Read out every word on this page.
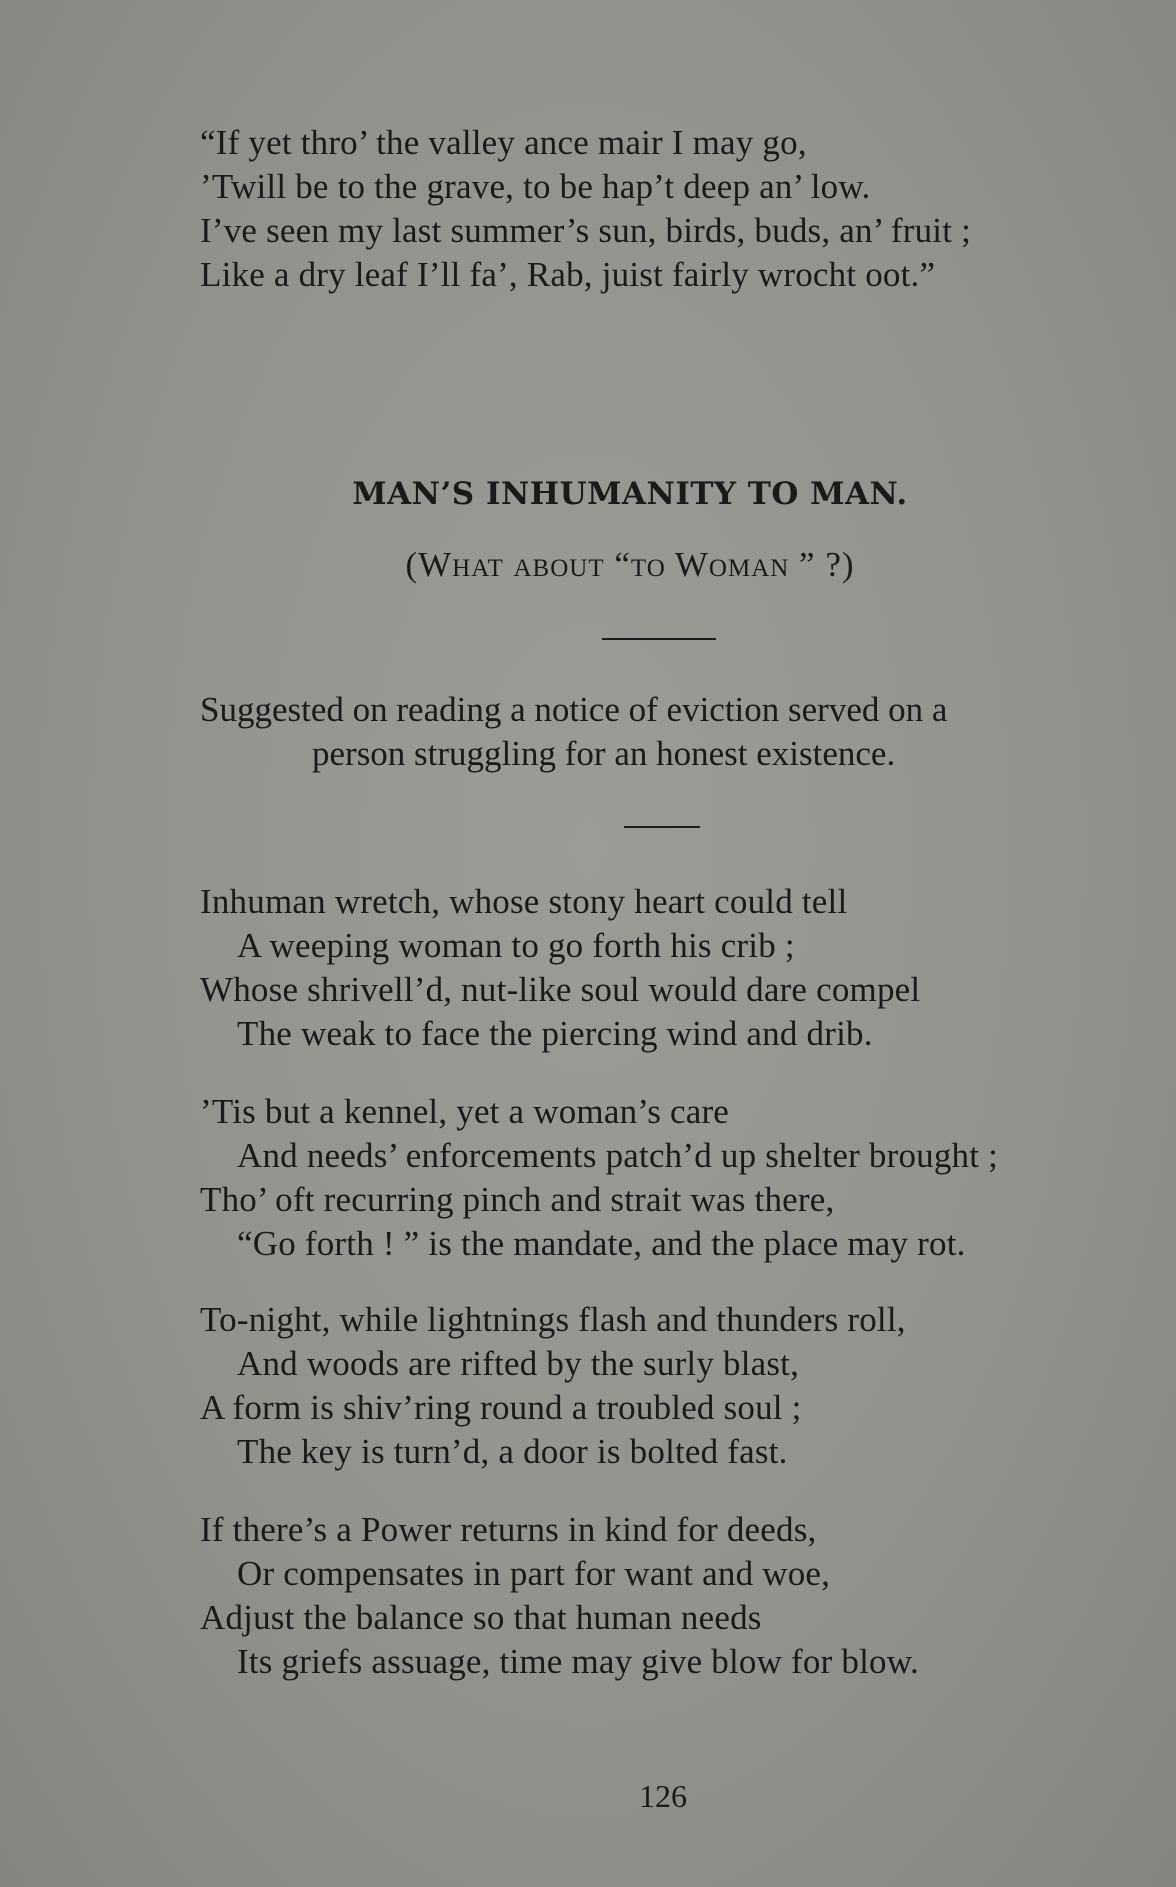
“If yet thro’ the valley ance mair I may go,
’Twill be to the grave, to be hap’t deep an’ low.
I’ve seen my last summer’s sun, birds, buds, an’ fruit ;
Like a dry leaf I’ll fa’, Rab, juist fairly wrocht oot.”
MAN’S INHUMANITY TO MAN.
(What about “to Woman ” ?)
Suggested on reading a notice of eviction served on a
person struggling for an honest existence.
Inhuman wretch, whose stony heart could tell
A weeping woman to go forth his crib ;
Whose shrivell’d, nut-like soul would dare compel
The weak to face the piercing wind and drib.
’Tis but a kennel, yet a woman’s care
And needs’ enforcements patch’d up shelter brought ;
Tho’ oft recurring pinch and strait was there,
“Go forth ! ” is the mandate, and the place may rot.
To-night, while lightnings flash and thunders roll,
And woods are rifted by the surly blast,
A form is shiv’ring round a troubled soul ;
The key is turn’d, a door is bolted fast.
If there’s a Power returns in kind for deeds,
Or compensates in part for want and woe,
Adjust the balance so that human needs
Its griefs assuage, time may give blow for blow.
126
